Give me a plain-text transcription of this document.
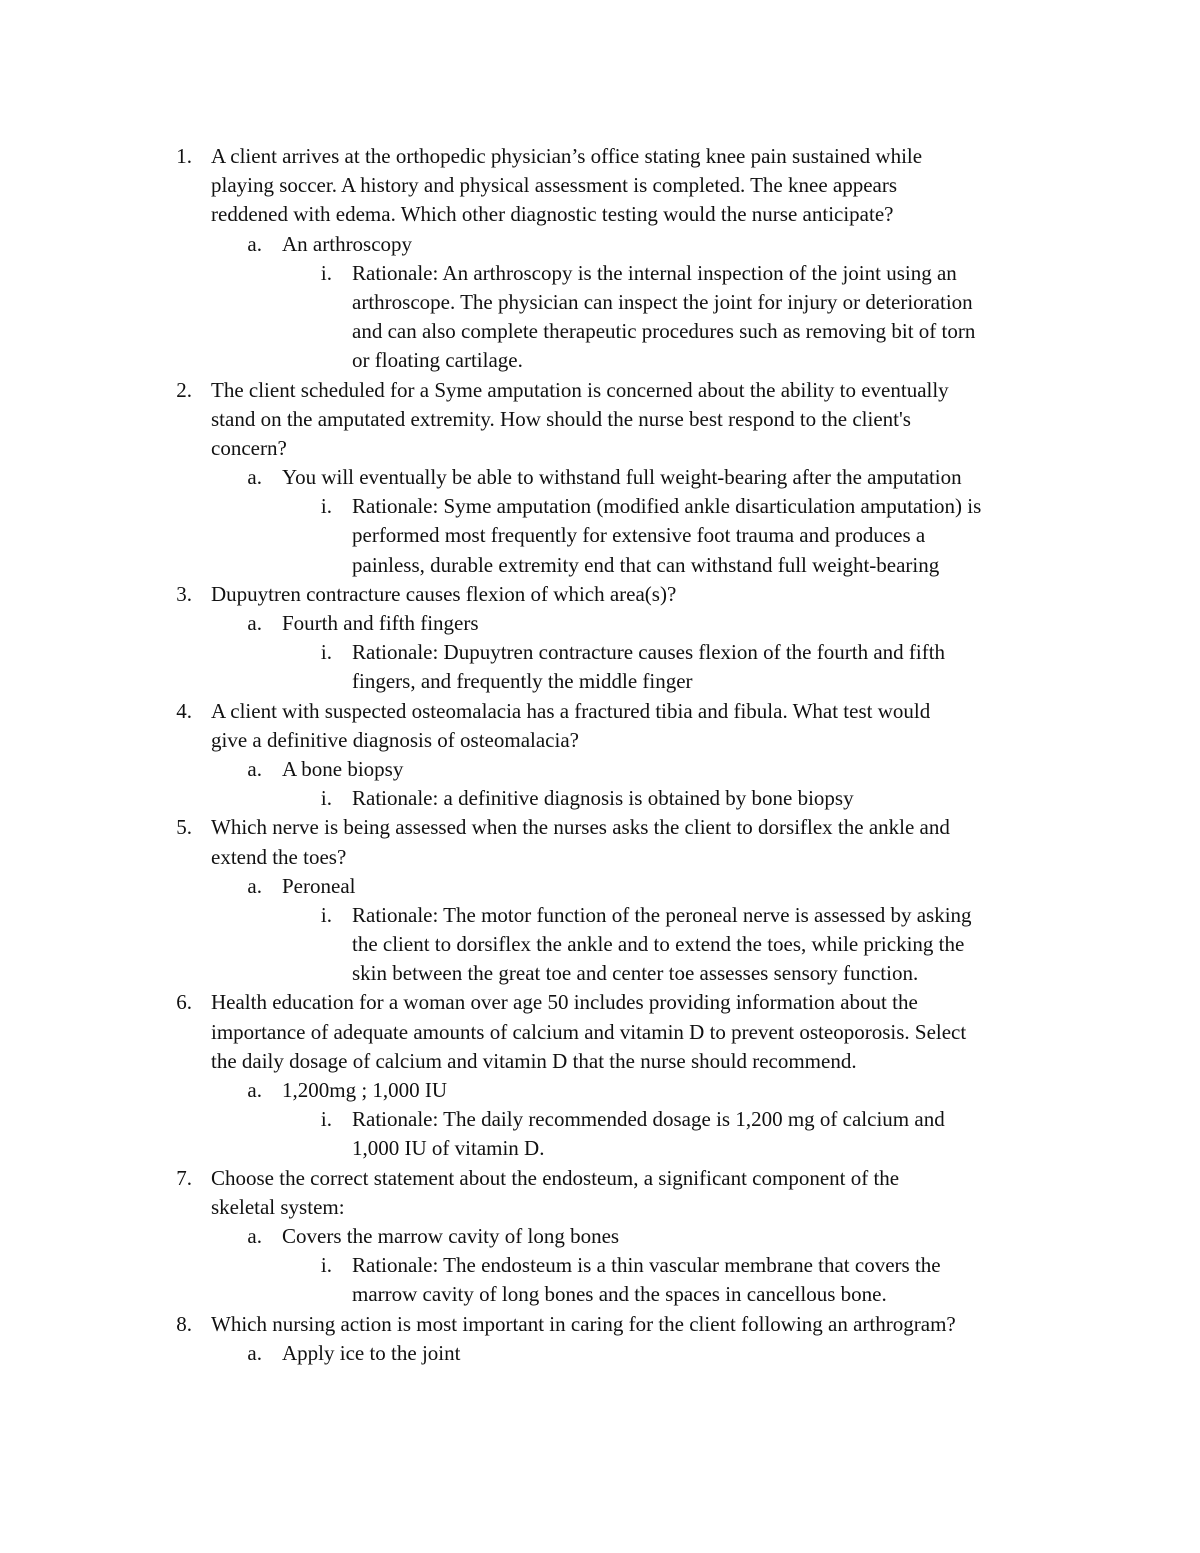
1. A client arrives at the orthopedic physician’s office stating knee pain sustained while
playing soccer. A history and physical assessment is completed. The knee appears
reddened with edema. Which other diagnostic testing would the nurse anticipate?
a. An arthroscopy
i. Rationale: An arthroscopy is the internal inspection of the joint using an
arthroscope. The physician can inspect the joint for injury or deterioration
and can also complete therapeutic procedures such as removing bit of torn
or floating cartilage.
2. The client scheduled for a Syme amputation is concerned about the ability to eventually
stand on the amputated extremity. How should the nurse best respond to the client's
concern?
a. You will eventually be able to withstand full weight-bearing after the amputation
i. Rationale: Syme amputation (modified ankle disarticulation amputation) is
performed most frequently for extensive foot trauma and produces a
painless, durable extremity end that can withstand full weight-bearing
3. Dupuytren contracture causes flexion of which area(s)?
a. Fourth and fifth fingers
i. Rationale: Dupuytren contracture causes flexion of the fourth and fifth
fingers, and frequently the middle finger
4. A client with suspected osteomalacia has a fractured tibia and fibula. What test would
give a definitive diagnosis of osteomalacia?
a. A bone biopsy
i. Rationale: a definitive diagnosis is obtained by bone biopsy
5. Which nerve is being assessed when the nurses asks the client to dorsiflex the ankle and
extend the toes?
a. Peroneal
i. Rationale: The motor function of the peroneal nerve is assessed by asking
the client to dorsiflex the ankle and to extend the toes, while pricking the
skin between the great toe and center toe assesses sensory function.
6. Health education for a woman over age 50 includes providing information about the
importance of adequate amounts of calcium and vitamin D to prevent osteoporosis. Select
the daily dosage of calcium and vitamin D that the nurse should recommend.
a. 1,200mg ; 1,000 IU
i. Rationale: The daily recommended dosage is 1,200 mg of calcium and
1,000 IU of vitamin D.
7. Choose the correct statement about the endosteum, a significant component of the
skeletal system:
a. Covers the marrow cavity of long bones
i. Rationale: The endosteum is a thin vascular membrane that covers the
marrow cavity of long bones and the spaces in cancellous bone.
8. Which nursing action is most important in caring for the client following an arthrogram?
a. Apply ice to the joint
